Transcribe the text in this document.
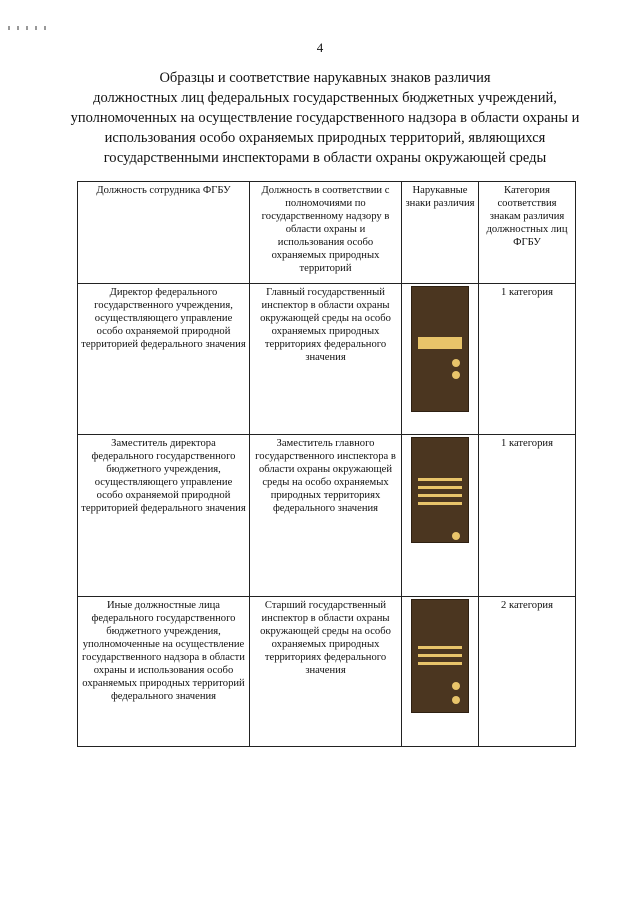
4
Образцы и соответствие нарукавных знаков различия
должностных лиц федеральных государственных бюджетных учреждений,
уполномоченных на осуществление государственного надзора в области охраны и
использования особо охраняемых природных территорий, являющихся
государственными инспекторами в области охраны окружающей среды
Должность сотрудника ФГБУ	Должность в соответствии с полномочиями по государственному надзору в области охраны и использования особо охраняемых природных территорий	Нарукавные знаки различия	Категория соответствия знакам различия должностных лиц ФГБУ
Директор федерального государственного учреждения, осуществляющего управление особо охраняемой природной территорией федерального значения	Главный государственный инспектор в области охраны окружающей среды на особо охраняемых природных территориях федерального значения		1 категория
Заместитель директора федерального государственного бюджетного учреждения, осуществляющего управление особо охраняемой природной территорией федерального значения	Заместитель главного государственного инспектора в области охраны окружающей среды на особо охраняемых природных территориях федерального значения		1 категория
Иные должностные лица федерального государственного бюджетного учреждения, уполномоченные на осуществление государственного надзора в области охраны и использования особо охраняемых природных территорий федерального значения	Старший государственный инспектор в области охраны окружающей среды на особо охраняемых природных территориях федерального значения		2 категория
